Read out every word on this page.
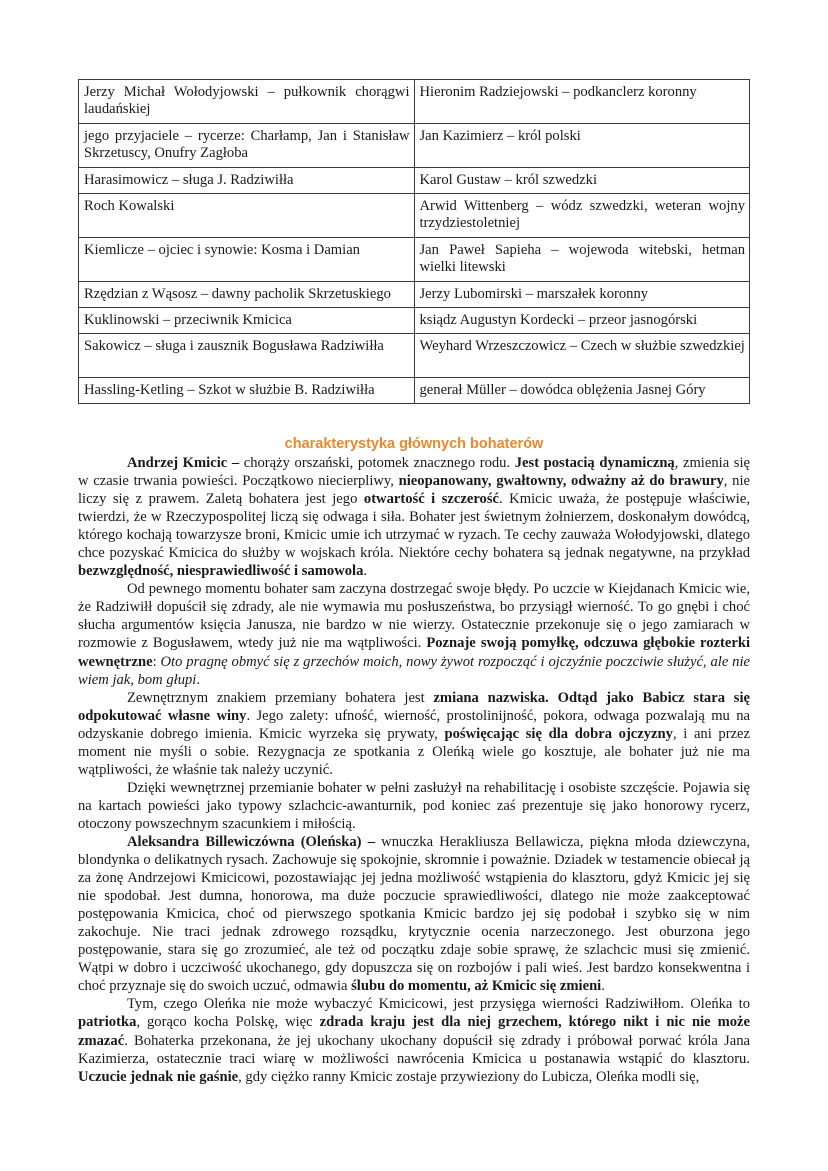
Jerzy Michał Wołodyjowski – pułkownik chorągwi laudańskiej	Hieronim Radziejowski – podkanclerz koronny
jego przyjaciele – rycerze: Charłamp, Jan i Stanisław Skrzetuscy, Onufry Zagłoba	Jan Kazimierz – król polski
Harasimowicz – sługa J. Radziwiłła	Karol Gustaw – król szwedzki
Roch Kowalski	Arwid Wittenberg – wódz szwedzki, weteran wojny trzydziestoletniej
Kiemlicze – ojciec i synowie: Kosma i Damian	Jan Paweł Sapieha – wojewoda witebski, hetman wielki litewski
Rzędzian z Wąsosz – dawny pacholik Skrzetuskiego	Jerzy Lubomirski – marszałek koronny
Kuklinowski – przeciwnik Kmicica	ksiądz Augustyn Kordecki – przeor jasnogórski
Sakowicz – sługa i zausznik Bogusława Radziwiłła	Weyhard Wrzeszczowicz – Czech w służbie szwedzkiej
Hassling-Ketling – Szkot w służbie B. Radziwiłła	generał Müller – dowódca oblężenia Jasnej Góry
charakterystyka głównych bohaterów

Andrzej Kmicic – chorąży orszański, potomek znacznego rodu. Jest postacią dynamiczną, zmienia się w czasie trwania powieści. Początkowo niecierpliwy, nieopanowany, gwałtowny, odważny aż do brawury, nie liczy się z prawem. Zaletą bohatera jest jego otwartość i szczerość. Kmicic uważa, że postępuje właściwie, twierdzi, że w Rzeczypospolitej liczą się odwaga i siła. Bohater jest świetnym żołnierzem, doskonałym dowódcą, którego kochają towarzysze broni, Kmicic umie ich utrzymać w ryzach. Te cechy zauważa Wołodyjowski, dlatego chce pozyskać Kmicica do służby w wojskach króla. Niektóre cechy bohatera są jednak negatywne, na przykład bezwzględność, niesprawiedliwość i samowola.

Od pewnego momentu bohater sam zaczyna dostrzegać swoje błędy. Po uczcie w Kiejdanach Kmicic wie, że Radziwiłł dopuścił się zdrady, ale nie wymawia mu posłuszeństwa, bo przysiągł wierność. To go gnębi i choć słucha argumentów księcia Janusza, nie bardzo w nie wierzy. Ostatecznie przekonuje się o jego zamiarach w rozmowie z Bogusławem, wtedy już nie ma wątpliwości. Poznaje swoją pomyłkę, odczuwa głębokie rozterki wewnętrzne: Oto pragnę obmyć się z grzechów moich, nowy żywot rozpocząć i ojczyźnie poczciwie służyć, ale nie wiem jak, bom głupi.

Zewnętrznym znakiem przemiany bohatera jest zmiana nazwiska. Odtąd jako Babicz stara się odpokutować własne winy. Jego zalety: ufność, wierność, prostolinijność, pokora, odwaga pozwalają mu na odzyskanie dobrego imienia. Kmicic wyrzeka się prywaty, poświęcając się dla dobra ojczyzny, i ani przez moment nie myśli o sobie. Rezygnacja ze spotkania z Oleńką wiele go kosztuje, ale bohater już nie ma wątpliwości, że właśnie tak należy uczynić.

Dzięki wewnętrznej przemianie bohater w pełni zasłużył na rehabilitację i osobiste szczęście. Pojawia się na kartach powieści jako typowy szlachcic-awanturnik, pod koniec zaś prezentuje się jako honorowy rycerz, otoczony powszechnym szacunkiem i miłością.

Aleksandra Billewiczówna (Oleńska) – wnuczka Herakliusza Bellawicza, piękna młoda dziewczyna, blondynka o delikatnych rysach. Zachowuje się spokojnie, skromnie i poważnie. Dziadek w testamencie obiecał ją za żonę Andrzejowi Kmicicowi, pozostawiając jej jedna możliwość wstąpienia do klasztoru, gdyż Kmicic jej się nie spodobał. Jest dumna, honorowa, ma duże poczucie sprawiedliwości, dlatego nie może zaakceptować postępowania Kmicica, choć od pierwszego spotkania Kmicic bardzo jej się podobał i szybko się w nim zakochuje. Nie traci jednak zdrowego rozsądku, krytycznie ocenia narzeczonego. Jest oburzona jego postępowanie, stara się go zrozumieć, ale też od początku zdaje sobie sprawę, że szlachcic musi się zmienić. Wątpi w dobro i uczciwość ukochanego, gdy dopuszcza się on rozbojów i pali wieś. Jest bardzo konsekwentna i choć przyznaje się do swoich uczuć, odmawia ślubu do momentu, aż Kmicic się zmieni.

Tym, czego Oleńka nie może wybaczyć Kmicicowi, jest przysięga wierności Radziwiłłom. Oleńka to patriotka, gorąco kocha Polskę, więc zdrada kraju jest dla niej grzechem, którego nikt i nic nie może zmazać. Bohaterka przekonana, że jej ukochany ukochany dopuścił się zdrady i próbował porwać króla Jana Kazimierza, ostatecznie traci wiarę w możliwości nawrócenia Kmicica u postanawia wstąpić do klasztoru. Uczucie jednak nie gaśnie, gdy ciężko ranny Kmicic zostaje przywieziony do Lubicza, Oleńka modli się,
